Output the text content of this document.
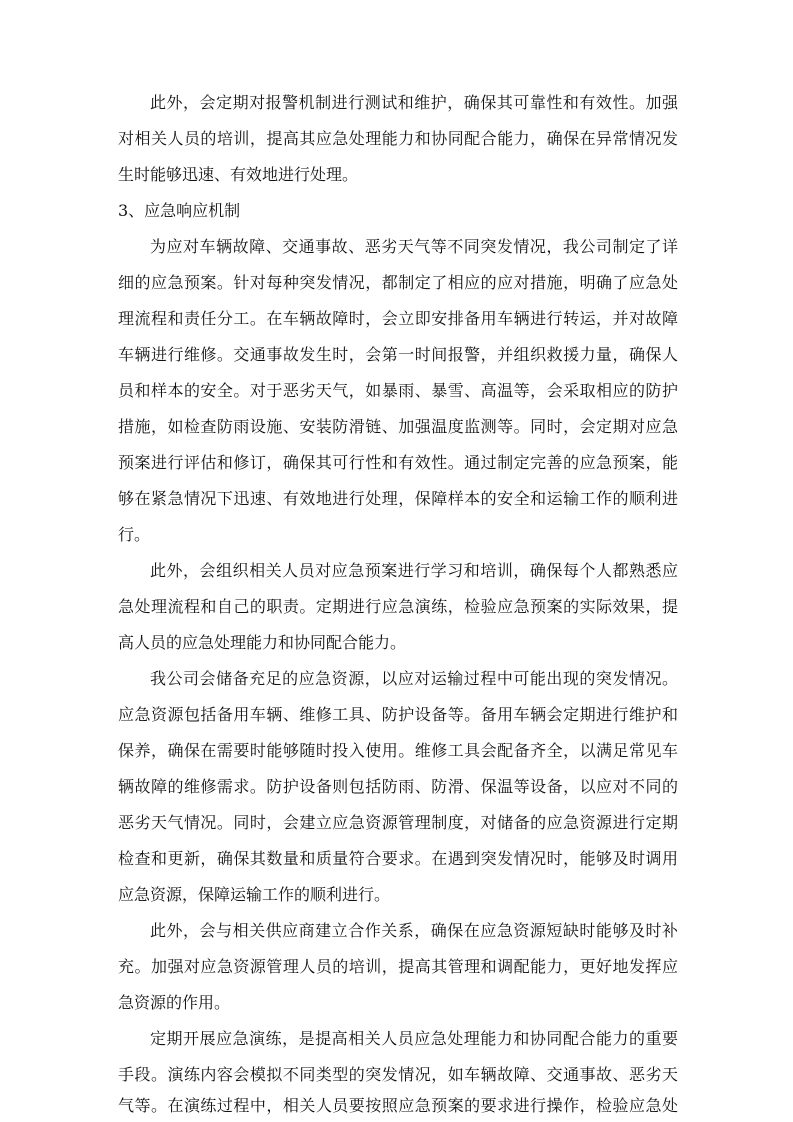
此外，会定期对报警机制进行测试和维护，确保其可靠性和有效性。加强
对相关人员的培训，提高其应急处理能力和协同配合能力，确保在异常情况发
生时能够迅速、有效地进行处理。
3、应急响应机制
为应对车辆故障、交通事故、恶劣天气等不同突发情况，我公司制定了详
细的应急预案。针对每种突发情况，都制定了相应的应对措施，明确了应急处
理流程和责任分工。在车辆故障时，会立即安排备用车辆进行转运，并对故障
车辆进行维修。交通事故发生时，会第一时间报警，并组织救援力量，确保人
员和样本的安全。对于恶劣天气，如暴雨、暴雪、高温等，会采取相应的防护
措施，如检查防雨设施、安装防滑链、加强温度监测等。同时，会定期对应急
预案进行评估和修订，确保其可行性和有效性。通过制定完善的应急预案，能
够在紧急情况下迅速、有效地进行处理，保障样本的安全和运输工作的顺利进
行。
此外，会组织相关人员对应急预案进行学习和培训，确保每个人都熟悉应
急处理流程和自己的职责。定期进行应急演练，检验应急预案的实际效果，提
高人员的应急处理能力和协同配合能力。
我公司会储备充足的应急资源，以应对运输过程中可能出现的突发情况。
应急资源包括备用车辆、维修工具、防护设备等。备用车辆会定期进行维护和
保养，确保在需要时能够随时投入使用。维修工具会配备齐全，以满足常见车
辆故障的维修需求。防护设备则包括防雨、防滑、保温等设备，以应对不同的
恶劣天气情况。同时，会建立应急资源管理制度，对储备的应急资源进行定期
检查和更新，确保其数量和质量符合要求。在遇到突发情况时，能够及时调用
应急资源，保障运输工作的顺利进行。
此外，会与相关供应商建立合作关系，确保在应急资源短缺时能够及时补
充。加强对应急资源管理人员的培训，提高其管理和调配能力，更好地发挥应
急资源的作用。
定期开展应急演练，是提高相关人员应急处理能力和协同配合能力的重要
手段。演练内容会模拟不同类型的突发情况，如车辆故障、交通事故、恶劣天
气等。在演练过程中，相关人员要按照应急预案的要求进行操作，检验应急处
